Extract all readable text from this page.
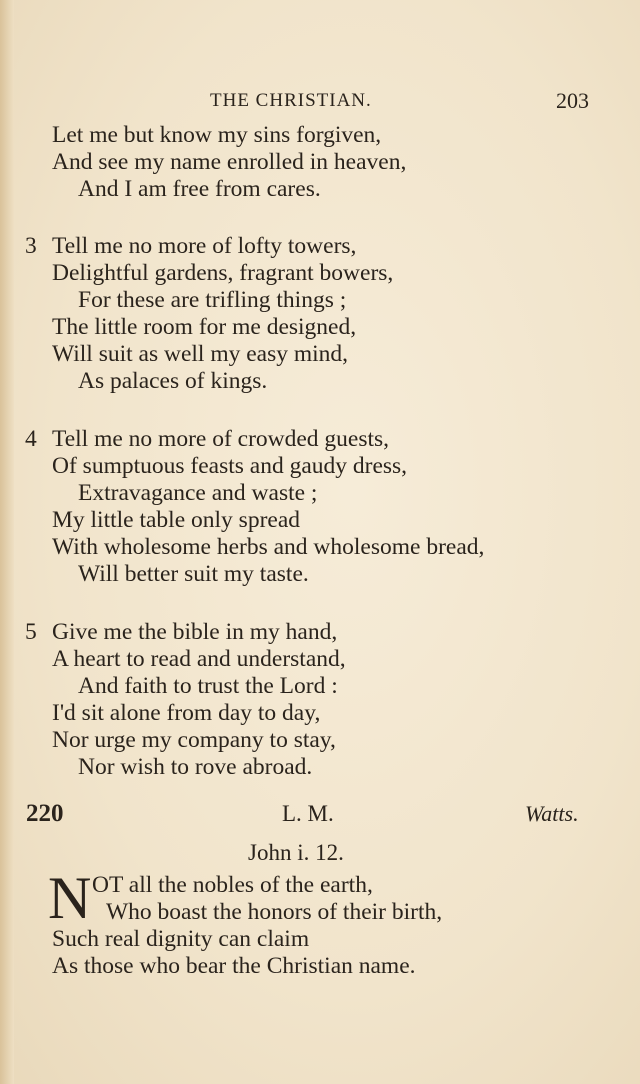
THE CHRISTIAN.	203
Let me but know my sins forgiven,
And see my name enrolled in heaven,
And I am free from cares.
3 Tell me no more of lofty towers,
Delightful gardens, fragrant bowers,
For these are trifling things ;
The little room for me designed,
Will suit as well my easy mind,
As palaces of kings.
4 Tell me no more of crowded guests,
Of sumptuous feasts and gaudy dress,
Extravagance and waste ;
My little table only spread
With wholesome herbs and wholesome bread,
Will better suit my taste.
5 Give me the bible in my hand,
A heart to read and understand,
And faith to trust the Lord :
I'd sit alone from day to day,
Nor urge my company to stay,
Nor wish to rove abroad.
220	L. M.	Watts.
John i. 12.
N OT all the nobles of the earth,
Who boast the honors of their birth,
Such real dignity can claim
As those who bear the Christian name.
